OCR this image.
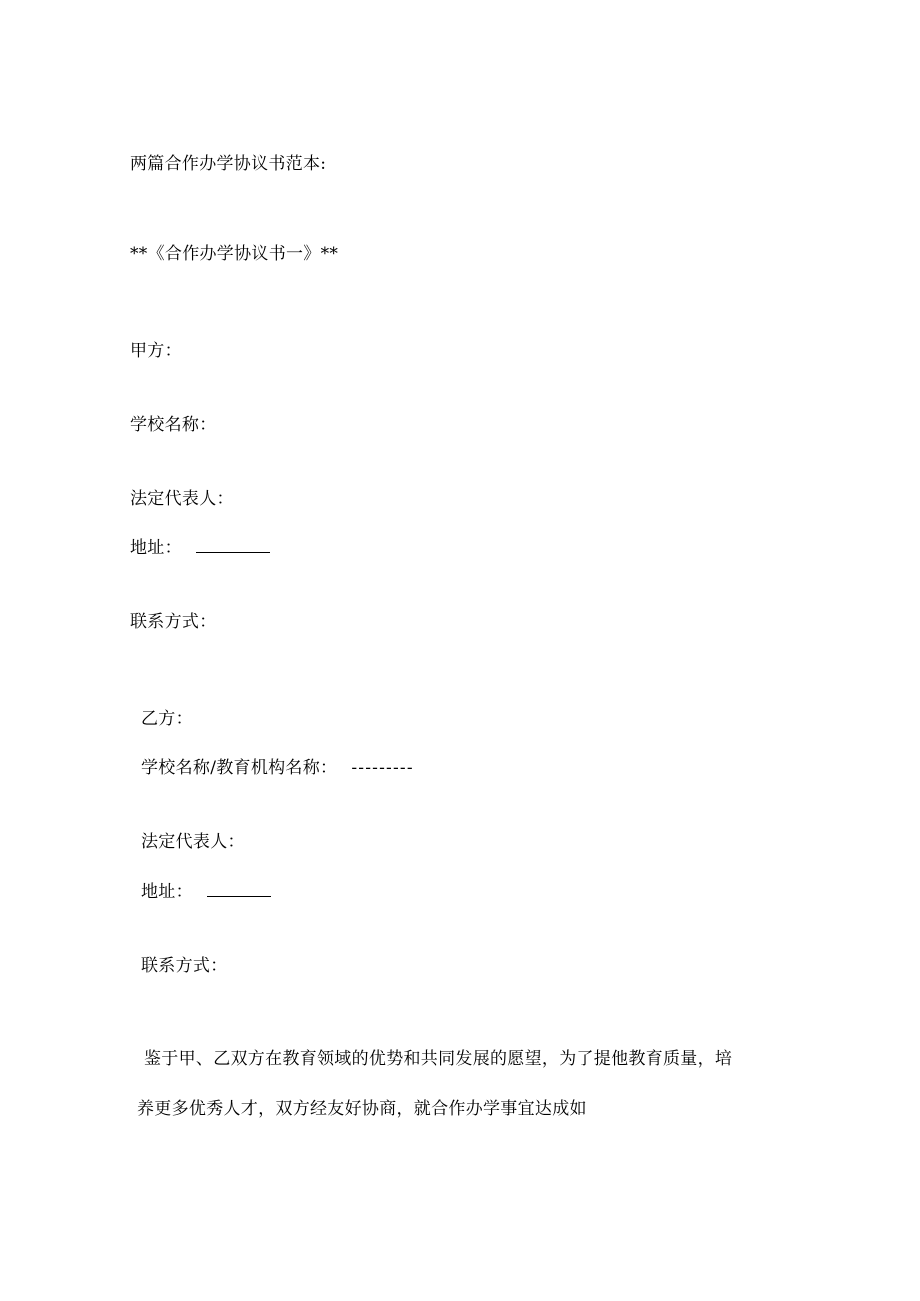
两篇合作办学协议书范本:
**《合作办学协议书一》**
甲方：
学校名称：
法定代表人：
地址：
联系方式：
乙方：
学校名称/教育机构名称： ---------
法定代表人：
地址：
联系方式：
鉴于甲、乙双方在教育领域的优势和共同发展的愿望，为了提他教育质量，培
养更多优秀人才，双方经友好协商，就合作办学事宜达成如
